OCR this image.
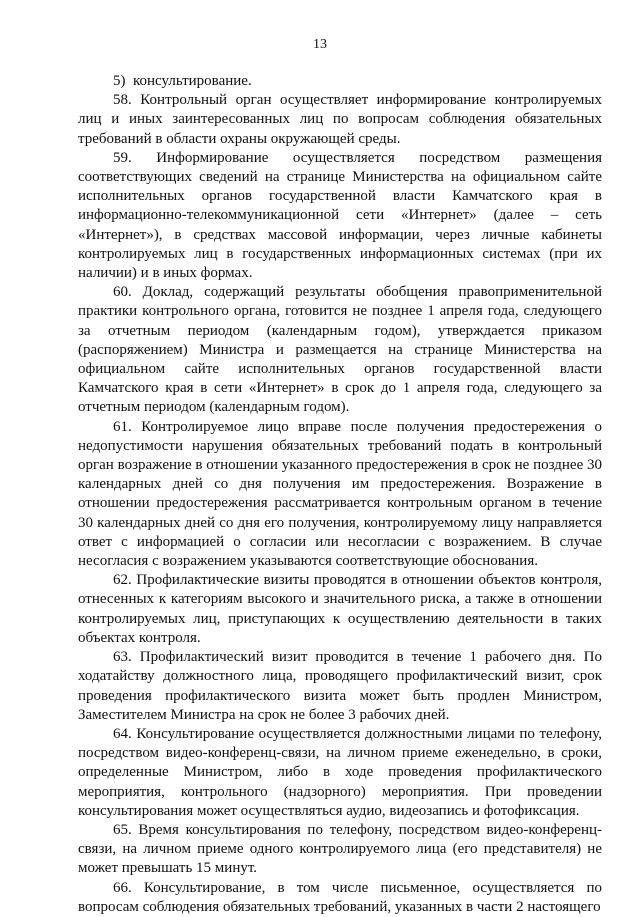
13

5)  консультирование.

58. Контрольный орган осуществляет информирование контролируемых лиц и иных заинтересованных лиц по вопросам соблюдения обязательных требований в области охраны окружающей среды.

59. Информирование осуществляется посредством размещения соответствующих сведений на странице Министерства на официальном сайте исполнительных органов государственной власти Камчатского края в информационно-телекоммуникационной сети «Интернет» (далее – сеть «Интернет»), в средствах массовой информации, через личные кабинеты контролируемых лиц в государственных информационных системах (при их наличии) и в иных формах.

60. Доклад, содержащий результаты обобщения правоприменительной практики контрольного органа, готовится не позднее 1 апреля года, следующего за отчетным периодом (календарным годом), утверждается приказом (распоряжением) Министра и размещается на странице Министерства на официальном сайте исполнительных органов государственной власти Камчатского края в сети «Интернет» в срок до 1 апреля года, следующего за отчетным периодом (календарным годом).

61. Контролируемое лицо вправе после получения предостережения о недопустимости нарушения обязательных требований подать в контрольный орган возражение в отношении указанного предостережения в срок не позднее 30 календарных дней со дня получения им предостережения. Возражение в отношении предостережения рассматривается контрольным органом в течение 30 календарных дней со дня его получения, контролируемому лицу направляется ответ с информацией о согласии или несогласии с возражением. В случае несогласия с возражением указываются соответствующие обоснования.

62. Профилактические визиты проводятся в отношении объектов контроля, отнесенных к категориям высокого и значительного риска, а также в отношении контролируемых лиц, приступающих к осуществлению деятельности в таких объектах контроля.

63. Профилактический визит проводится в течение 1 рабочего дня. По ходатайству должностного лица, проводящего профилактический визит, срок проведения профилактического визита может быть продлен Министром, Заместителем Министра на срок не более 3 рабочих дней.

64. Консультирование осуществляется должностными лицами по телефону, посредством видео-конференц-связи, на личном приеме еженедельно, в сроки, определенные Министром, либо в ходе проведения профилактического мероприятия, контрольного (надзорного) мероприятия. При проведении консультирования может осуществляться аудио, видеозапись и фотофиксация.

65. Время консультирования по телефону, посредством видео-конференц-связи, на личном приеме одного контролируемого лица (его представителя) не может превышать 15 минут.

66. Консультирование, в том числе письменное, осуществляется по вопросам соблюдения обязательных требований, указанных в части 2 настоящего
